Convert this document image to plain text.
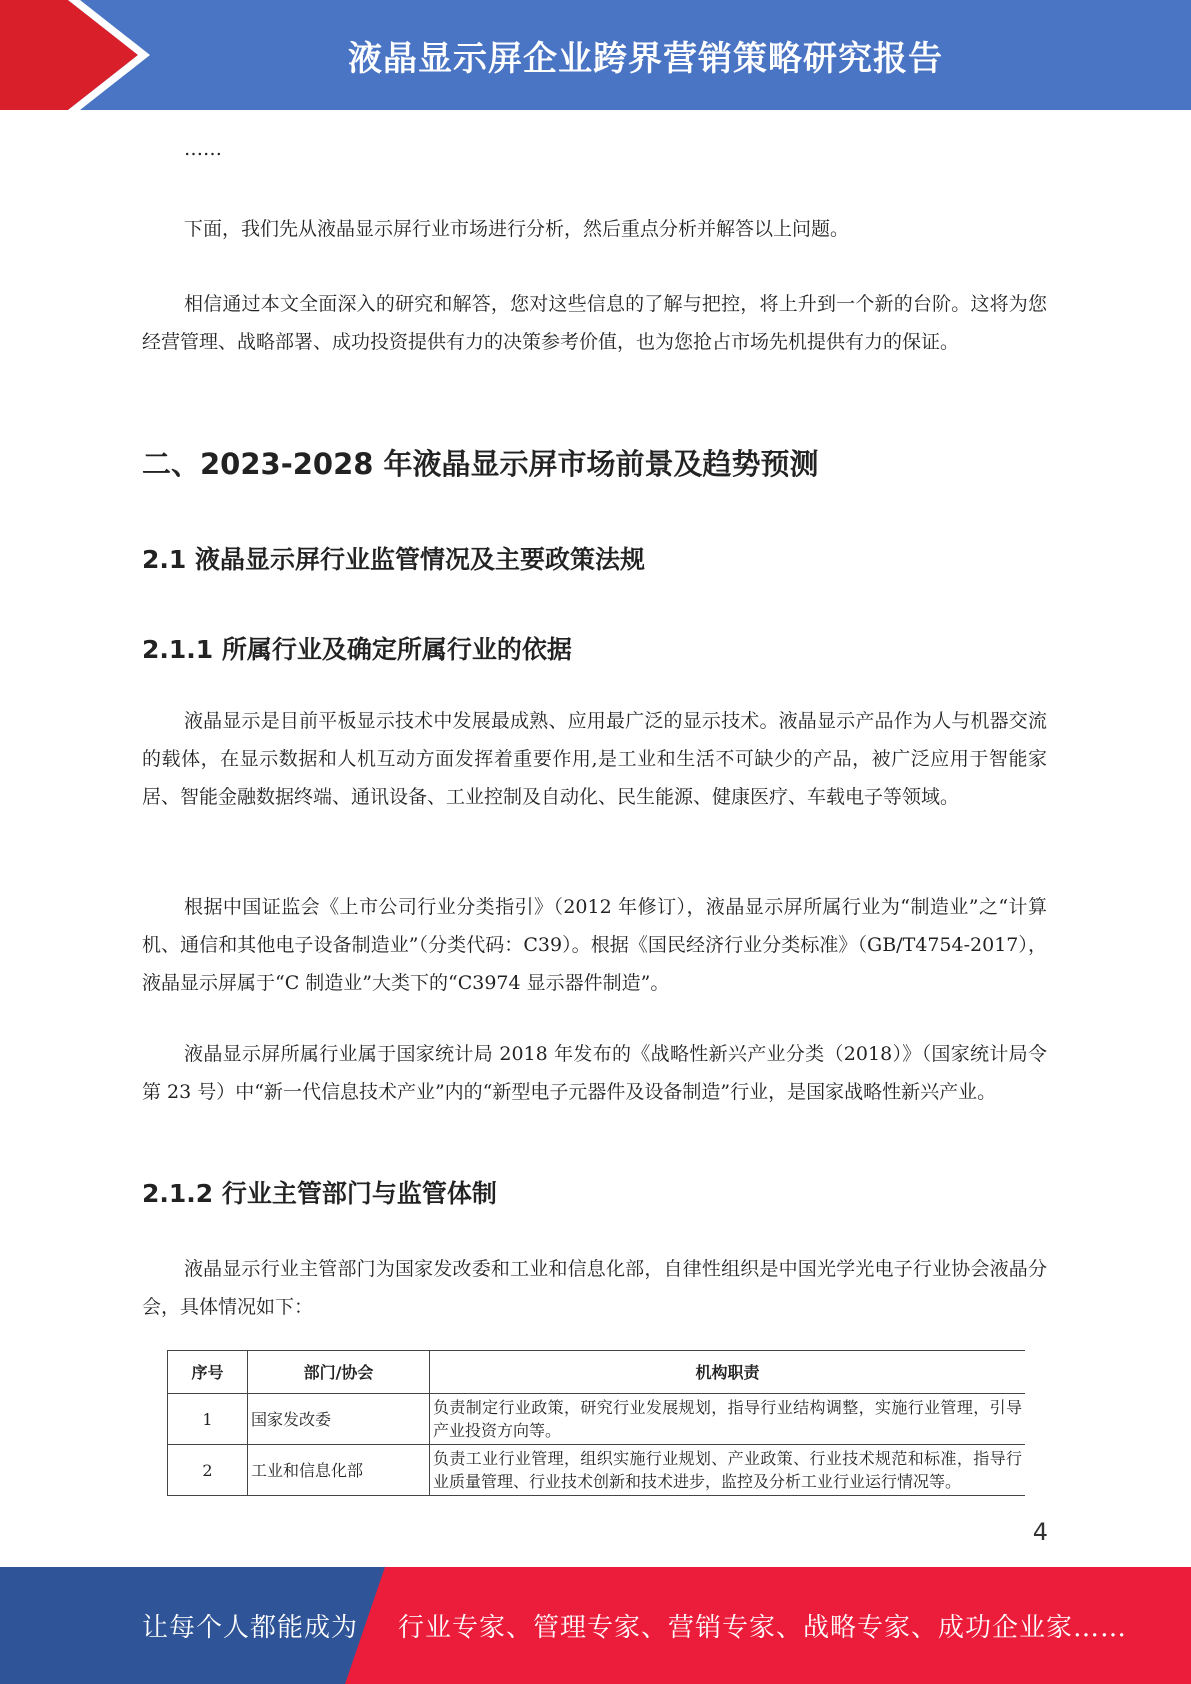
液晶显示屏企业跨界营销策略研究报告

……

下面，我们先从液晶显示屏行业市场进行分析，然后重点分析并解答以上问题。

相信通过本文全面深入的研究和解答，您对这些信息的了解与把控，将上升到一个新的台阶。这将为您经营管理、战略部署、成功投资提供有力的决策参考价值，也为您抢占市场先机提供有力的保证。

二、2023-2028 年液晶显示屏市场前景及趋势预测
2.1 液晶显示屏行业监管情况及主要政策法规
2.1.1 所属行业及确定所属行业的依据

液晶显示是目前平板显示技术中发展最成熟、应用最广泛的显示技术。液晶显示产品作为人与机器交流的载体，在显示数据和人机互动方面发挥着重要作用,是工业和生活不可缺少的产品，被广泛应用于智能家居、智能金融数据终端、通讯设备、工业控制及自动化、民生能源、健康医疗、车载电子等领域。

根据中国证监会《上市公司行业分类指引》（2012 年修订），液晶显示屏所属行业为“制造业”之“计算机、通信和其他电子设备制造业”（分类代码：C39）。根据《国民经济行业分类标准》（GB/T4754-2017），液晶显示屏属于“C 制造业”大类下的“C3974 显示器件制造”。

液晶显示屏所属行业属于国家统计局 2018 年发布的《战略性新兴产业分类（2018）》（国家统计局令第 23 号）中“新一代信息技术产业”内的“新型电子元器件及设备制造”行业，是国家战略性新兴产业。

2.1.2 行业主管部门与监管体制

液晶显示行业主管部门为国家发改委和工业和信息化部，自律性组织是中国光学光电子行业协会液晶分会，具体情况如下：

序号	部门/协会	机构职责
1	国家发改委	负责制定行业政策，研究行业发展规划，指导行业结构调整，实施行业管理，引导产业投资方向等。
2	工业和信息化部	负责工业行业管理，组织实施行业规划、产业政策、行业技术规范和标准，指导行业质量管理、行业技术创新和技术进步，监控及分析工业行业运行情况等。
4
让每个人都能成为 行业专家、管理专家、营销专家、战略专家、成功企业家……
